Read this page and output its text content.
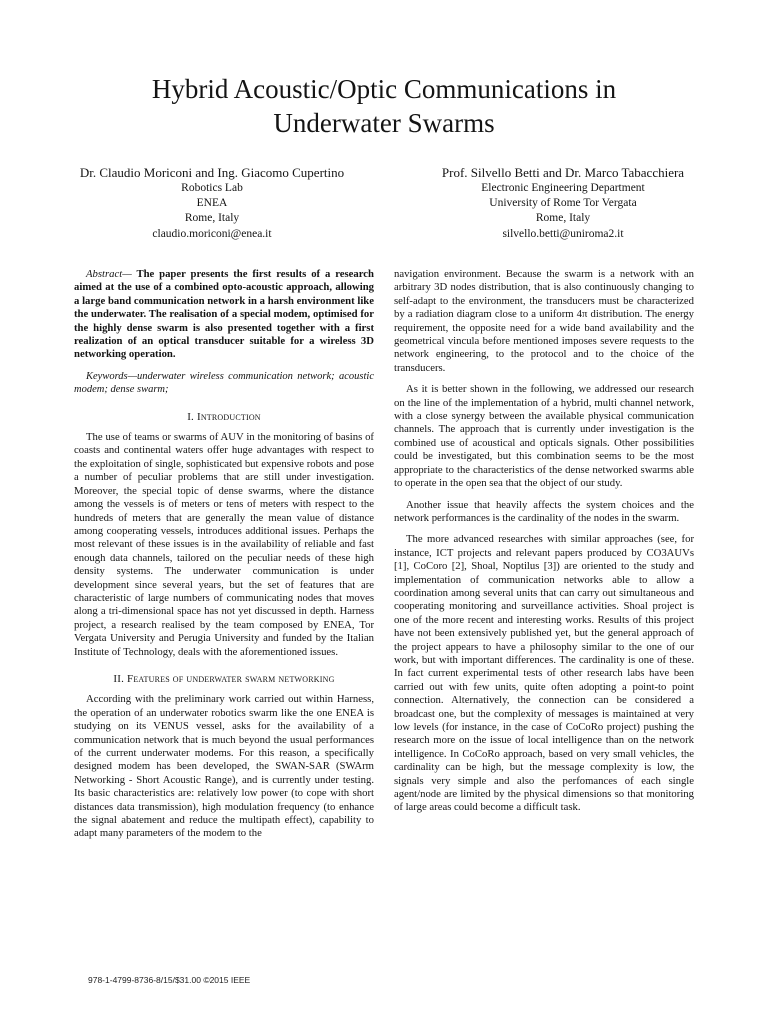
Hybrid Acoustic/Optic Communications in
Underwater Swarms
Dr. Claudio Moriconi and Ing. Giacomo Cupertino
Robotics Lab
ENEA
Rome, Italy
claudio.moriconi@enea.it
Prof. Silvello Betti and Dr. Marco Tabacchiera
Electronic Engineering Department
University of Rome Tor Vergata
Rome, Italy
silvello.betti@uniroma2.it

Abstract— The paper presents the first results of a research aimed at the use of a combined opto-acoustic approach, allowing a large band communication network in a harsh environment like the underwater. The realisation of a special modem, optimised for the highly dense swarm is also presented together with a first realization of an optical transducer suitable for a wireless 3D networking operation.

Keywords—underwater wireless communication network; acoustic modem; dense swarm;

I. Introduction

The use of teams or swarms of AUV in the monitoring of basins of coasts and continental waters offer huge advantages with respect to the exploitation of single, sophisticated but expensive robots and pose a number of peculiar problems that are still under investigation. Moreover, the special topic of dense swarms, where the distance among the vessels is of meters or tens of meters with respect to the hundreds of meters that are generally the mean value of distance among cooperating vessels, introduces additional issues. Perhaps the most relevant of these issues is in the availability of reliable and fast enough data channels, tailored on the peculiar needs of these high density systems. The underwater communication is under development since several years, but the set of features that are characteristic of large numbers of communicating nodes that moves along a tri-dimensional space has not yet discussed in depth. Harness project, a research realised by the team composed by ENEA, Tor Vergata University and Perugia University and funded by the Italian Institute of Technology, deals with the aforementioned issues.

II. Features of underwater swarm networking

According with the preliminary work carried out within Harness, the operation of an underwater robotics swarm like the one ENEA is studying on its VENUS vessel, asks for the availability of a communication network that is much beyond the usual performances of the current underwater modems. For this reason, a specifically designed modem has been developed, the SWAN-SAR (SWArm Networking - Short Acoustic Range), and is currently under testing. Its basic characteristics are: relatively low power (to cope with short distances data transmission), high modulation frequency (to enhance the signal abatement and reduce the multipath effect), capability to adapt many parameters of the modem to the

navigation environment. Because the swarm is a network with an arbitrary 3D nodes distribution, that is also continuously changing to self-adapt to the environment, the transducers must be characterized by a radiation diagram close to a uniform 4π distribution. The energy requirement, the opposite need for a wide band availability and the geometrical vincula before mentioned imposes severe requests to the network engineering, to the protocol and to the choice of the transducers.

As it is better shown in the following, we addressed our research on the line of the implementation of a hybrid, multi channel network, with a close synergy between the available physical communication channels. The approach that is currently under investigation is the combined use of acoustical and opticals signals. Other possibilities could be investigated, but this combination seems to be the most appropriate to the characteristics of the dense networked swarms able to operate in the open sea that the object of our study.

Another issue that heavily affects the system choices and the network performances is the cardinality of the nodes in the swarm.

The more advanced researches with similar approaches (see, for instance, ICT projects and relevant papers produced by CO3AUVs [1], CoCoro [2], Shoal, Noptilus [3]) are oriented to the study and implementation of communication networks able to allow a coordination among several units that can carry out simultaneous and cooperating monitoring and surveillance activities. Shoal project is one of the more recent and interesting works. Results of this project have not been extensively published yet, but the general approach of the project appears to have a philosophy similar to the one of our work, but with important differences. The cardinality is one of these. In fact current experimental tests of other research labs have been carried out with few units, quite often adopting a point-to point connection. Alternatively, the connection can be considered a broadcast one, but the complexity of messages is maintained at very low levels (for instance, in the case of CoCoRo project) pushing the research more on the issue of local intelligence than on the network intelligence. In CoCoRo approach, based on very small vehicles, the cardinality can be high, but the message complexity is low, the signals very simple and also the perfomances of each single agent/node are limited by the physical dimensions so that monitoring of large areas could become a difficult task.

978-1-4799-8736-8/15/$31.00 ©2015 IEEE
